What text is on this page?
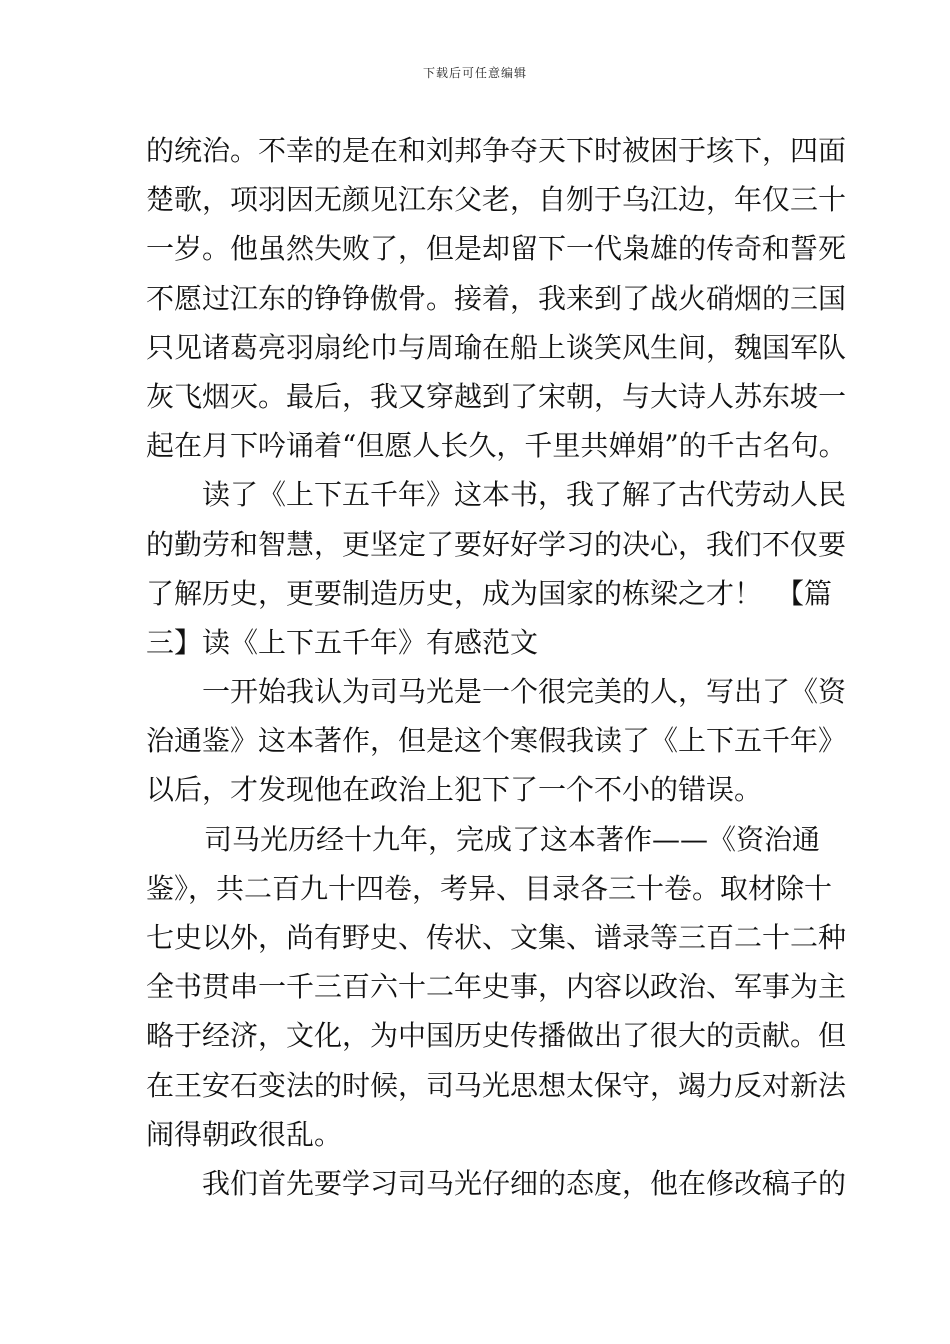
下载后可任意编辑
的统治。不幸的是在和刘邦争夺天下时被困于垓下，四面
楚歌，项羽因无颜见江东父老，自刎于乌江边，年仅三十
一岁。他虽然失败了，但是却留下一代枭雄的传奇和誓死
不愿过江东的铮铮傲骨。接着，我来到了战火硝烟的三国
只见诸葛亮羽扇纶巾与周瑜在船上谈笑风生间，魏国军队
灰飞烟灭。最后，我又穿越到了宋朝，与大诗人苏东坡一
起在月下吟诵着“但愿人长久，千里共婵娟”的千古名句。
读了《上下五千年》这本书，我了解了古代劳动人民
的勤劳和智慧，更坚定了要好好学习的决心，我们不仅要
了解历史，更要制造历史，成为国家的栋梁之才！　【篇
三】读《上下五千年》有感范文
一开始我认为司马光是一个很完美的人，写出了《资
治通鉴》这本著作，但是这个寒假我读了《上下五千年》
以后，才发现他在政治上犯下了一个不小的错误。
司马光历经十九年，完成了这本著作——《资治通
鉴》，共二百九十四卷，考异、目录各三十卷。取材除十
七史以外，尚有野史、传状、文集、谱录等三百二十二种
全书贯串一千三百六十二年史事，内容以政治、军事为主
略于经济，文化，为中国历史传播做出了很大的贡献。但
在王安石变法的时候，司马光思想太保守，竭力反对新法
闹得朝政很乱。
我们首先要学习司马光仔细的态度，他在修改稿子的
